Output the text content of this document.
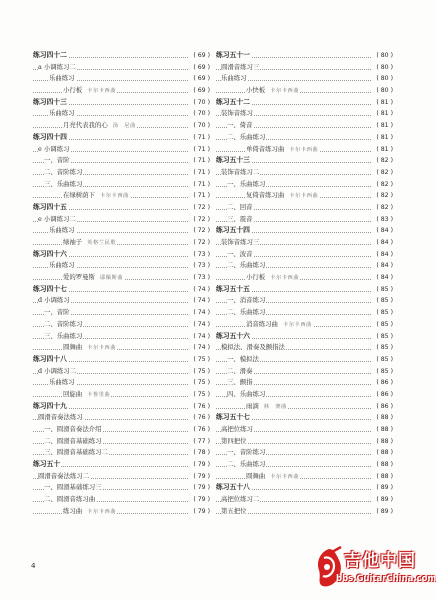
练习四十二	( 69 )
a 小调练习二	( 69 )
乐曲练习	( 69 )
小行板 卡尔卡西曲	( 69 )
练习四十三	( 70 )
乐曲练习	( 70 )
月亮代表我的心 汤　尼曲	( 70 )
练习四十四	( 71 )
e 小调练习	( 71 )
一、音阶	( 71 )
二、音阶练习	( 71 )
三、乐曲练习	( 71 )
在绿树荫下 卡尔卡西曲	( 71 )
练习四十五	( 72 )
e 小调练习二	( 72 )
乐曲练习	( 72 )
绿袖子 英格兰民歌	( 72 )
练习四十六	( 73 )
乐曲练习	( 73 )
爱的罗曼斯 耶佩斯曲	( 73 )
练习四十七	( 74 )
d 小调练习	( 74 )
一、音阶	( 74 )
二、音阶练习	( 74 )
三、乐曲练习	( 74 )
圆舞曲 卡尔卡西曲	( 74 )
练习四十八	( 75 )
d 小调练习二	( 75 )
乐曲练习	( 75 )
回旋曲 卡鲁里曲	( 75 )
练习四十九	( 76 )
圆滑音奏法练习	( 76 )
一、圆滑音奏法介绍	( 76 )
二、圆滑音基础练习	( 77 )
三、圆滑音基础练习二	( 78 )
练习五十	( 79 )
圆滑音奏法练习二	( 79 )
一、圆滑基础练习三	( 79 )
二、圆滑音练习曲	( 79 )
练习曲 卡尔卡西曲	( 79 )
练习五十一	( 80 )
圆滑音练习三	( 80 )
乐曲练习	( 80 )
小快板 卡尔卡西曲	( 80 )
练习五十二	( 81 )
装饰音练习	( 81 )
一、倚音	( 81 )
二、乐曲练习	( 81 )
单倚音练习曲 卡尔卡西曲	( 81 )
练习五十三	( 82 )
装饰音练习二	( 82 )
一、乐曲练习	( 82 )
复倚音练习曲 卡尔卡西曲	( 82 )
二、回音	( 82 )
三、震音	( 83 )
练习五十四	( 84 )
装饰音练习三	( 84 )
一、波音	( 84 )
二、乐曲练习	( 84 )
小行板 卡尔卡西曲	( 84 )
练习五十五	( 85 )
一、消音练习	( 85 )
二、乐曲练习	( 85 )
消音练习曲 卡尔卡西曲	( 85 )
练习五十六	( 85 )
模拟法、滑奏及颤指法	( 85 )
一、模拟法	( 85 )
二、滑奏	( 85 )
三、颤指	( 86 )
四、乐曲练习	( 86 )
雨滴 林　赛曲	( 86 )
练习五十七	( 88 )
高把位练习	( 88 )
第四把位	( 88 )
一、音阶练习	( 88 )
二、乐曲练习	( 88 )
圆舞曲 卡尔卡西曲	( 88 )
练习五十八	( 89 )
高把位练习二	( 89 )
第五把位	( 89 )
4	吉他中国
bbs.GuitarChina.com
